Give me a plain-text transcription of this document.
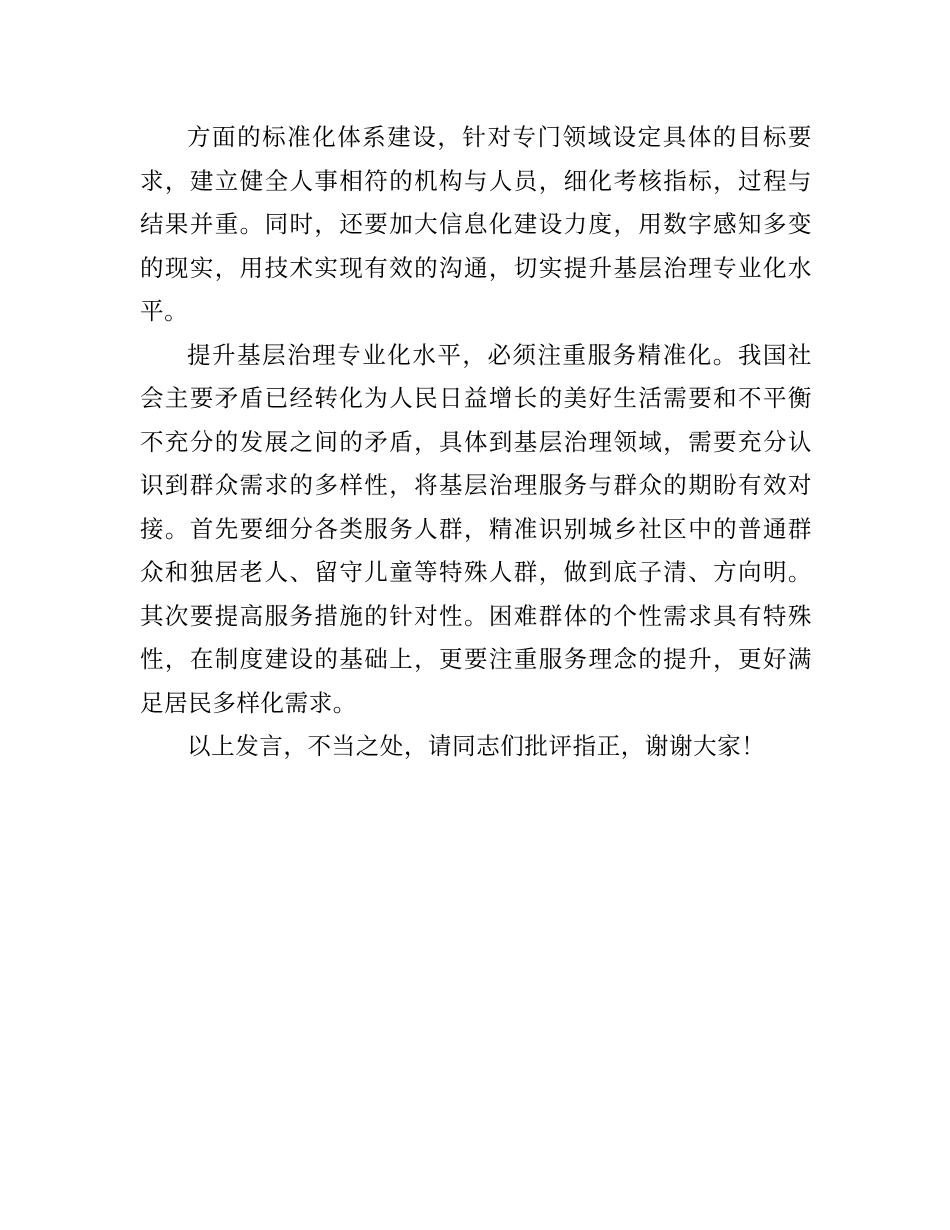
方面的标准化体系建设，针对专门领域设定具体的目标要求，建立健全人事相符的机构与人员，细化考核指标，过程与结果并重。同时，还要加大信息化建设力度，用数字感知多变的现实，用技术实现有效的沟通，切实提升基层治理专业化水平。

提升基层治理专业化水平，必须注重服务精准化。我国社会主要矛盾已经转化为人民日益增长的美好生活需要和不平衡不充分的发展之间的矛盾，具体到基层治理领域，需要充分认识到群众需求的多样性，将基层治理服务与群众的期盼有效对接。首先要细分各类服务人群，精准识别城乡社区中的普通群众和独居老人、留守儿童等特殊人群，做到底子清、方向明。其次要提高服务措施的针对性。困难群体的个性需求具有特殊性，在制度建设的基础上，更要注重服务理念的提升，更好满足居民多样化需求。

以上发言，不当之处，请同志们批评指正，谢谢大家！
